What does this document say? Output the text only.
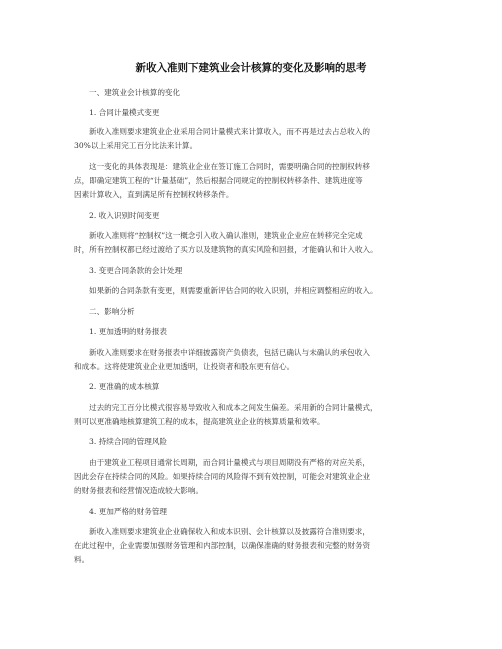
新收入准则下建筑业会计核算的变化及影响的思考

一、建筑业会计核算的变化

1. 合同计量模式变更

新收入准则要求建筑业企业采用合同计量模式来计算收入，而不再是过去占总收入的

30%以上采用完工百分比法来计算。

这一变化的具体表现是：建筑业企业在签订施工合同时，需要明确合同的控制权转移

点，即确定建筑工程的“计量基础”，然后根据合同规定的控制权转移条件、建筑进度等

因素计算收入，直到满足所有控制权转移条件。

2. 收入识别时间变更

新收入准则将“控制权”这一概念引入收入确认准则，建筑业企业应在转移完全完成

时，所有控制权都已经过渡给了买方以及建筑物的真实风险和回报，才能确认和计入收入。

3. 变更合同条款的会计处理

如果新的合同条款有变更，则需要重新评估合同的收入识别，并相应调整相应的收入。

二、影响分析

1. 更加透明的财务报表

新收入准则要求在财务报表中详细披露资产负债表，包括已确认与未确认的承包收入

和成本。这将使建筑业企业更加透明，让投资者和股东更有信心。

2. 更准确的成本核算

过去的完工百分比模式很容易导致收入和成本之间发生偏差。采用新的合同计量模式，

则可以更准确地核算建筑工程的成本，提高建筑业企业的核算质量和效率。

3. 持续合同的管理风险

由于建筑业工程项目通常长周期，而合同计量模式与项目周期没有严格的对应关系，

因此会存在持续合同的风险。如果持续合同的风险得不到有效控制，可能会对建筑业企业

的财务报表和经营情况造成较大影响。

4. 更加严格的财务管理

新收入准则要求建筑业企业确保收入和成本识别、会计核算以及披露符合准则要求，

在此过程中，企业需要加强财务管理和内部控制，以确保准确的财务报表和完整的财务资

料。
